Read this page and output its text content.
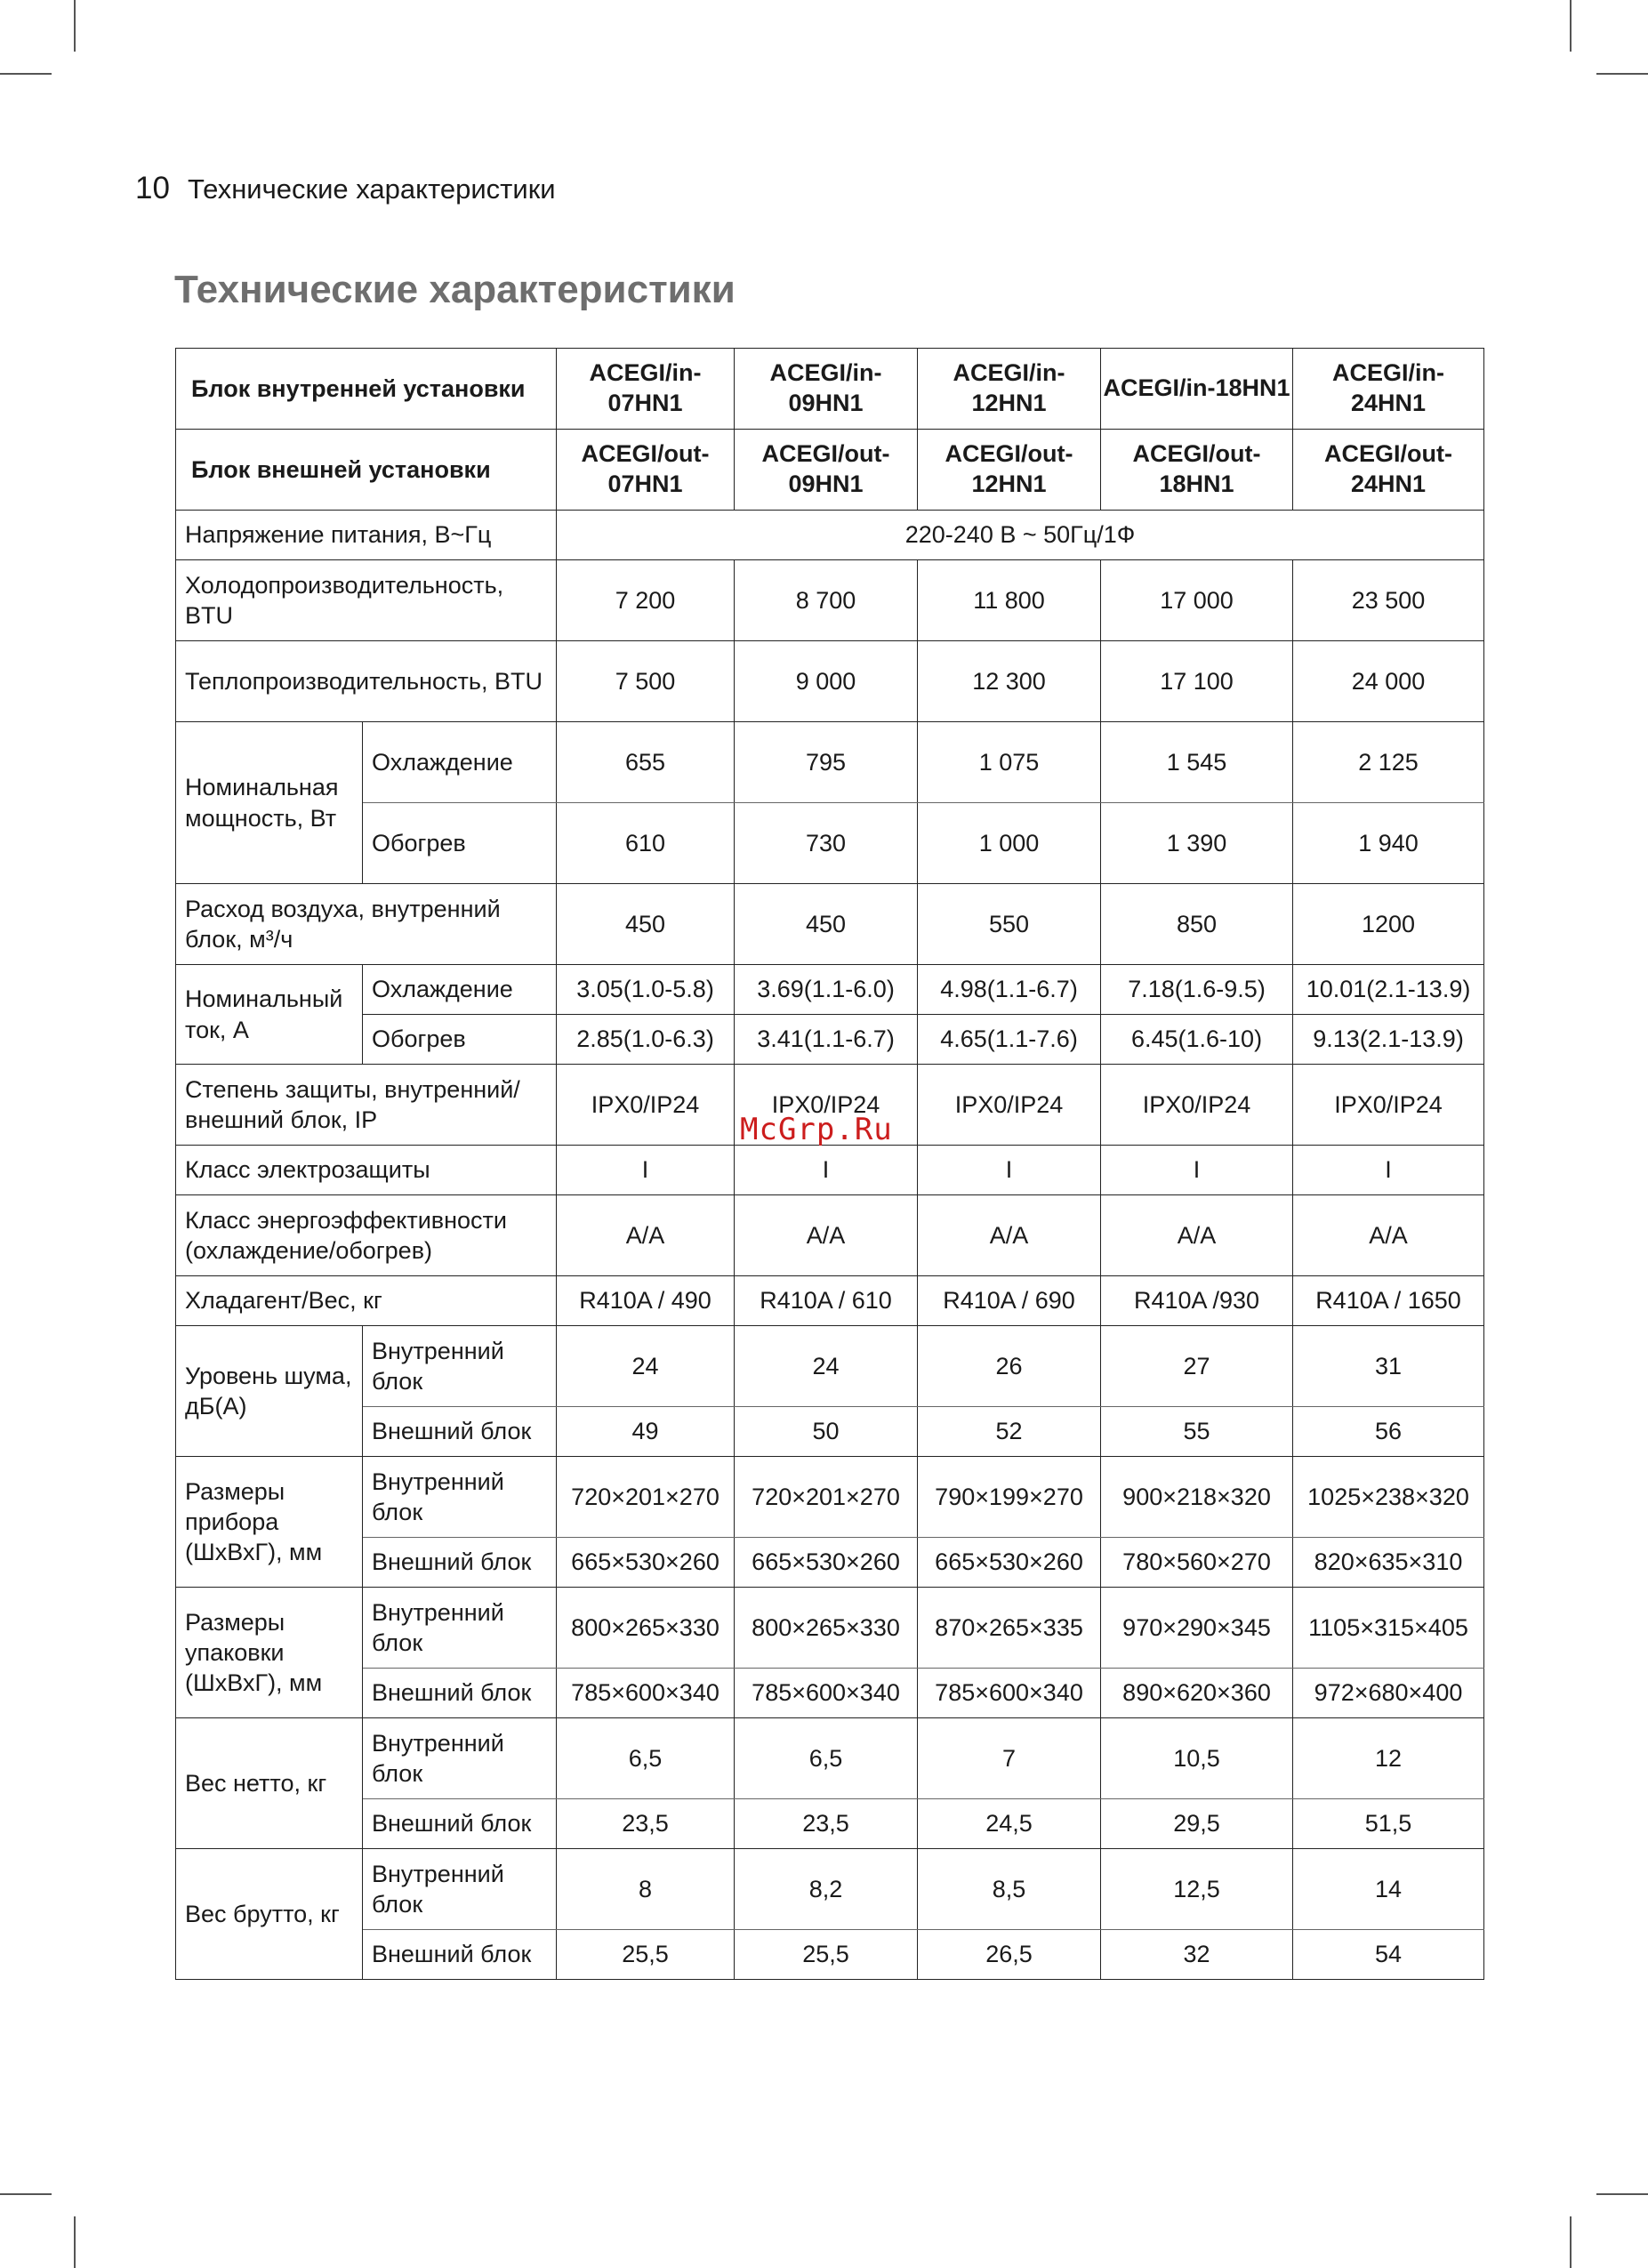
10 Технические характеристики
Технические характеристики
Блок внутренней установки		ACEGI/in-07HN1	ACEGI/in-09HN1	ACEGI/in-12HN1	ACEGI/in-18HN1	ACEGI/in-24HN1
Блок внешней установки		ACEGI/out-07HN1	ACEGI/out-09HN1	ACEGI/out-12HN1	ACEGI/out-18HN1	ACEGI/out-24HN1
Напряжение питания, В~Гц		220-240 В ~ 50Гц/1Ф				
Холодопроизводительность, BTU		7 200	8 700	11 800	17 000	23 500
Теплопроизводительность, BTU		7 500	9 000	12 300	17 100	24 000
Номинальная мощность, Вт	Охлаждение	655	795	1 075	1 545	2 125
	Обогрев	610	730	1 000	1 390	1 940
Расход воздуха, внутренний блок, м³/ч		450	450	550	850	1200
Номинальный ток, А	Охлаждение	3.05(1.0-5.8)	3.69(1.1-6.0)	4.98(1.1-6.7)	7.18(1.6-9.5)	10.01(2.1-13.9)
	Обогрев	2.85(1.0-6.3)	3.41(1.1-6.7)	4.65(1.1-7.6)	6.45(1.6-10)	9.13(2.1-13.9)
Степень защиты, внутренний/ внешний блок, IP		IPX0/IP24	IPX0/IP24	IPX0/IP24	IPX0/IP24	IPX0/IP24
Класс электрозащиты		I	I	I	I	I
Класс энергоэффективности (охлаждение/обогрев)		A/A	A/A	A/A	A/A	A/A
Хладагент/Вес, кг		R410A / 490	R410A / 610	R410A / 690	R410A /930	R410A / 1650
Уровень шума, дБ(А)	Внутренний блок	24	24	26	27	31
	Внешний блок	49	50	52	55	56
Размеры прибора (ШхВхГ), мм	Внутренний блок	720×201×270	720×201×270	790×199×270	900×218×320	1025×238×320
	Внешний блок	665×530×260	665×530×260	665×530×260	780×560×270	820×635×310
Размеры упаковки (ШхВхГ), мм	Внутренний блок	800×265×330	800×265×330	870×265×335	970×290×345	1105×315×405
	Внешний блок	785×600×340	785×600×340	785×600×340	890×620×360	972×680×400
Вес нетто, кг	Внутренний блок	6,5	6,5	7	10,5	12
	Внешний блок	23,5	23,5	24,5	29,5	51,5
Вес брутто, кг	Внутренний блок	8	8,2	8,5	12,5	14
	Внешний блок	25,5	25,5	26,5	32	54
McGrp.Ru
